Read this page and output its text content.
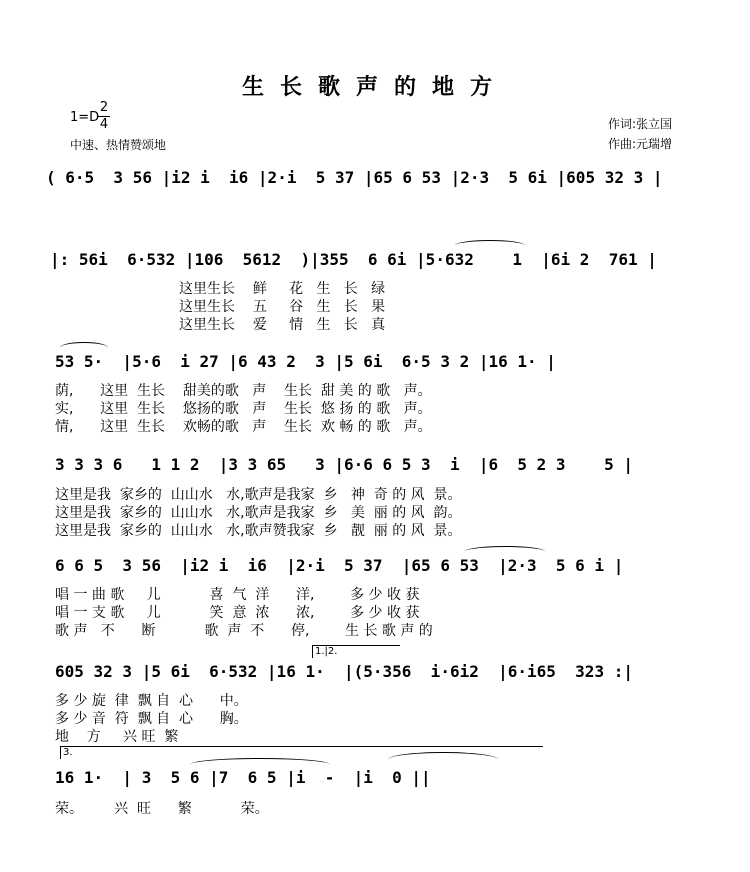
生长歌声的地方
1=D
2
4
中速、热情赞颂地
作词:张立国
作曲:元瑞增
( 6·5  3 56 |i2 i  i6 |2·i  5 37 |65 6 53 |2·3  5 6i |605 32 3 |
|: 56i  6·532 |106  5612  )|355  6 6i |5·632    1  |6i 2  761 |
这里生长    鲜     花   生   长   绿
这里生长    五     谷   生   长   果
这里生长    爱     情   生   长   真
53 5·  |5·6  i 27 |6 43 2  3 |5 6i  6·5 3 2 |16 1· |
荫,      这里  生长    甜美的歌   声    生长  甜 美 的 歌   声。
实,      这里  生长    悠扬的歌   声    生长  悠 扬 的 歌   声。
情,      这里  生长    欢畅的歌   声    生长  欢 畅 的 歌   声。
3 3 3 6   1 1 2  |3 3 65   3 |6·6 6 5 3  i  |6  5 2 3    5 |
这里是我  家乡的  山山水   水,歌声是我家  乡   神  奇 的 风  景。
这里是我  家乡的  山山水   水,歌声是我家  乡   美  丽 的 风  韵。
这里是我  家乡的  山山水   水,歌声赞我家  乡   靓  丽 的 风  景。
6 6 5  3 56  |i2 i  i6  |2·i  5 37  |65 6 53  |2·3  5 6 i |
唱 一 曲 歌     儿           喜  气  洋      洋,        多 少 收 获
唱 一 支 歌     儿           笑  意  浓      浓,        多 少 收 获
歌 声   不      断           歌  声  不      停,        生 长 歌 声 的
1.|2.
605 32 3 |5 6i  6·532 |16 1·  |(5·356  i·6i2  |6·i65  323 :|
多 少 旋  律  飘 自  心      中。
多 少 音  符  飘 自  心      胸。
地    方     兴 旺  繁
3.
16 1·  | 3  5 6 |7  6 5 |i  -  |i  0 ||
荣。       兴  旺      繁           荣。
